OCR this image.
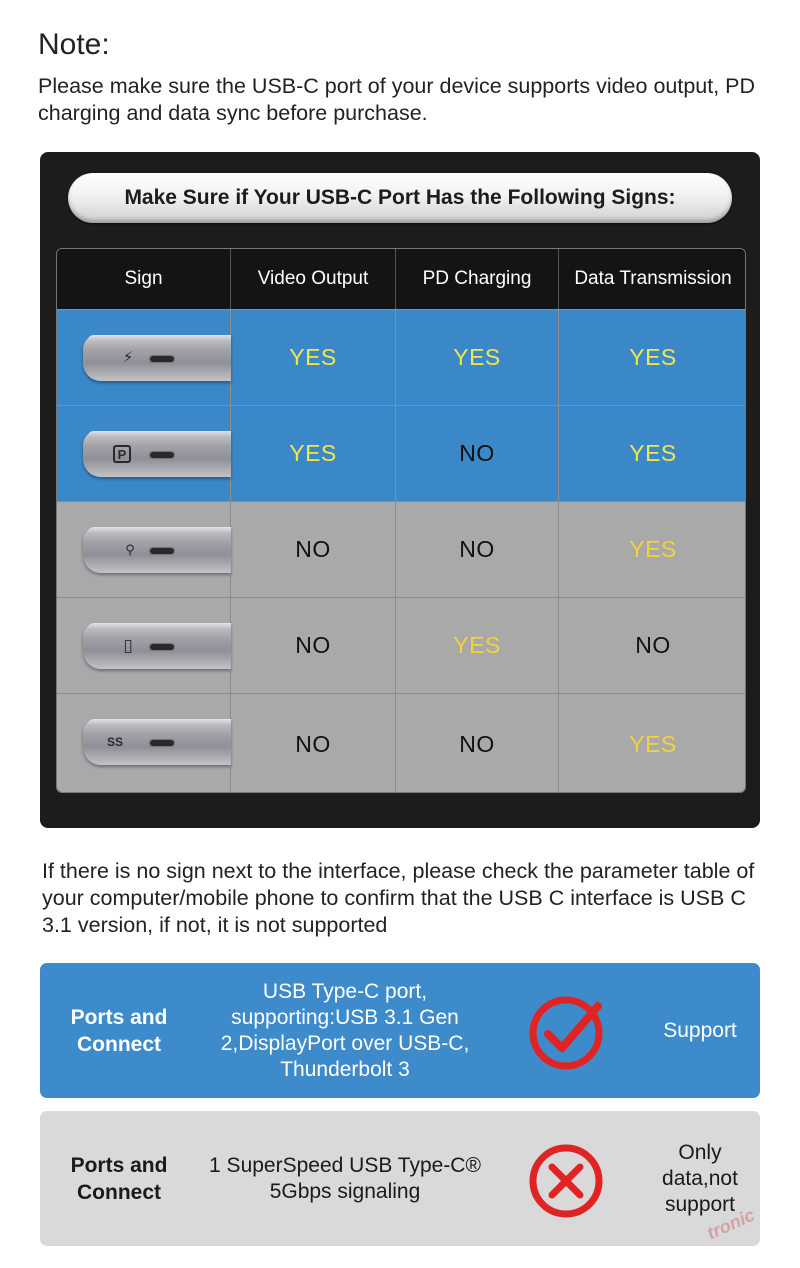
Note:
Please make sure the USB-C port of your device supports video output, PD charging and data sync before purchase.
Make Sure if Your USB-C Port Has the Following Signs:
Sign	Video Output	PD Charging	Data Transmission
⚡	YES	YES	YES
P	YES	NO	YES
⚲	NO	NO	YES
▯	NO	YES	NO
SS	NO	NO	YES
If there is no sign next to the interface, please check the parameter table of your computer/mobile phone to confirm that the USB C interface is USB C 3.1 version, if not, it is not supported
Ports and Connect
USB Type-C port, supporting:USB 3.1 Gen 2,DisplayPort over USB-C, Thunderbolt 3
Support
Ports and Connect
1 SuperSpeed USB Type-C® 5Gbps signaling
Only data,not support
tronic
